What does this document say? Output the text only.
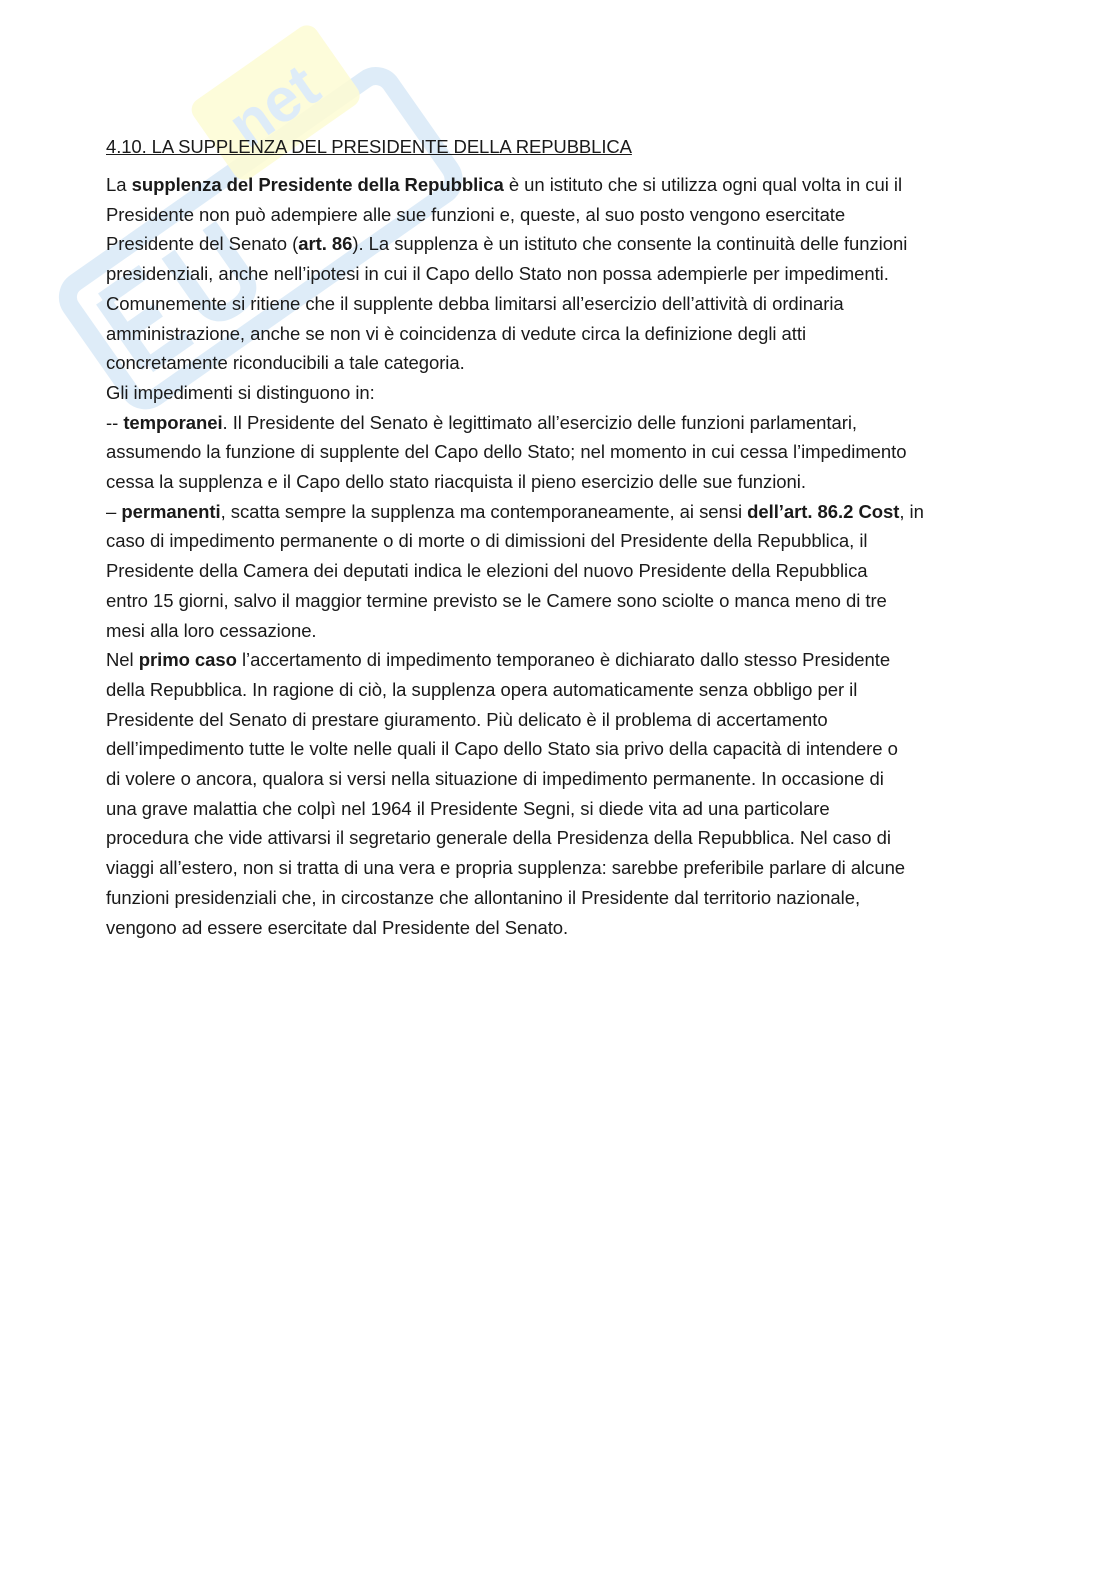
net
4.10. LA SUPPLENZA DEL PRESIDENTE DELLA REPUBBLICA

La supplenza del Presidente della Repubblica è un istituto che si utilizza ogni qual volta in cui il
Presidente non può adempiere alle sue funzioni e, queste, al suo posto vengono esercitate
Presidente del Senato (art. 86). La supplenza è un istituto che consente la continuità delle funzioni
presidenziali, anche nell’ipotesi in cui il Capo dello Stato non possa adempierle per impedimenti.
Comunemente si ritiene che il supplente debba limitarsi all’esercizio dell’attività di ordinaria
amministrazione, anche se non vi è coincidenza di vedute circa la definizione degli atti
concretamente riconducibili a tale categoria.
Gli impedimenti si distinguono in:
-- temporanei. Il Presidente del Senato è legittimato all’esercizio delle funzioni parlamentari,
assumendo la funzione di supplente del Capo dello Stato; nel momento in cui cessa l’impedimento
cessa la supplenza e il Capo dello stato riacquista il pieno esercizio delle sue funzioni.
– permanenti, scatta sempre la supplenza ma contemporaneamente, ai sensi dell’art. 86.2 Cost, in
caso di impedimento permanente o di morte o di dimissioni del Presidente della Repubblica, il
Presidente della Camera dei deputati indica le elezioni del nuovo Presidente della Repubblica
entro 15 giorni, salvo il maggior termine previsto se le Camere sono sciolte o manca meno di tre
mesi alla loro cessazione.
Nel primo caso l’accertamento di impedimento temporaneo è dichiarato dallo stesso Presidente
della Repubblica. In ragione di ciò, la supplenza opera automaticamente senza obbligo per il
Presidente del Senato di prestare giuramento. Più delicato è il problema di accertamento
dell’impedimento tutte le volte nelle quali il Capo dello Stato sia privo della capacità di intendere o
di volere o ancora, qualora si versi nella situazione di impedimento permanente. In occasione di
una grave malattia che colpì nel 1964 il Presidente Segni, si diede vita ad una particolare
procedura che vide attivarsi il segretario generale della Presidenza della Repubblica. Nel caso di
viaggi all’estero, non si tratta di una vera e propria supplenza: sarebbe preferibile parlare di alcune
funzioni presidenziali che, in circostanze che allontanino il Presidente dal territorio nazionale,
vengono ad essere esercitate dal Presidente del Senato.
